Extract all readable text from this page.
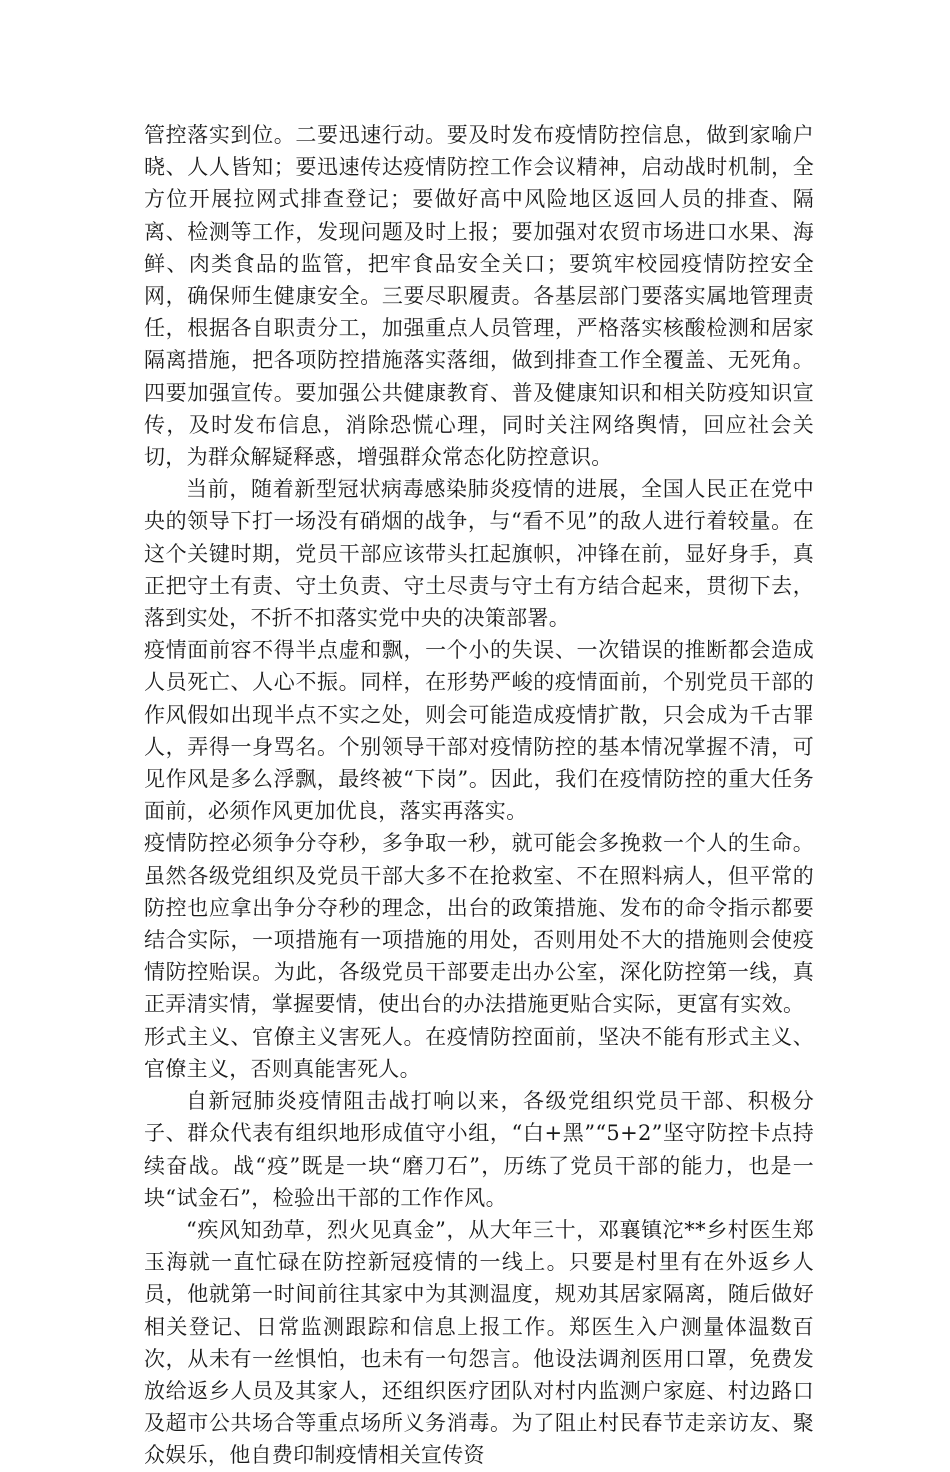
管控落实到位。二要迅速行动。要及时发布疫情防控信息，做到家喻户晓、人人皆知；要迅速传达疫情防控工作会议精神，启动战时机制，全方位开展拉网式排查登记；要做好高中风险地区返回人员的排查、隔离、检测等工作，发现问题及时上报；要加强对农贸市场进口水果、海鲜、肉类食品的监管，把牢食品安全关口；要筑牢校园疫情防控安全网，确保师生健康安全。三要尽职履责。各基层部门要落实属地管理责任，根据各自职责分工，加强重点人员管理，严格落实核酸检测和居家隔离措施，把各项防控措施落实落细，做到排查工作全覆盖、无死角。四要加强宣传。要加强公共健康教育、普及健康知识和相关防疫知识宣传，及时发布信息，消除恐慌心理，同时关注网络舆情，回应社会关切，为群众解疑释惑，增强群众常态化防控意识。

当前，随着新型冠状病毒感染肺炎疫情的进展，全国人民正在党中央的领导下打一场没有硝烟的战争，与“看不见”的敌人进行着较量。在这个关键时期，党员干部应该带头扛起旗帜，冲锋在前，显好身手，真正把守土有责、守土负责、守土尽责与守土有方结合起来，贯彻下去，落到实处，不折不扣落实党中央的决策部署。

疫情面前容不得半点虚和飘，一个小的失误、一次错误的推断都会造成人员死亡、人心不振。同样，在形势严峻的疫情面前，个别党员干部的作风假如出现半点不实之处，则会可能造成疫情扩散，只会成为千古罪人，弄得一身骂名。个别领导干部对疫情防控的基本情况掌握不清，可见作风是多么浮飘，最终被“下岗”。因此，我们在疫情防控的重大任务面前，必须作风更加优良，落实再落实。

疫情防控必须争分夺秒，多争取一秒，就可能会多挽救一个人的生命。虽然各级党组织及党员干部大多不在抢救室、不在照料病人，但平常的防控也应拿出争分夺秒的理念，出台的政策措施、发布的命令指示都要结合实际，一项措施有一项措施的用处，否则用处不大的措施则会使疫情防控贻误。为此，各级党员干部要走出办公室，深化防控第一线，真正弄清实情，掌握要情，使出台的办法措施更贴合实际，更富有实效。

形式主义、官僚主义害死人。在疫情防控面前，坚决不能有形式主义、官僚主义，否则真能害死人。

自新冠肺炎疫情阻击战打响以来，各级党组织党员干部、积极分子、群众代表有组织地形成值守小组，“白+黑”“5+2”坚守防控卡点持续奋战。战“疫”既是一块“磨刀石”，历练了党员干部的能力，也是一块“试金石”，检验出干部的工作作风。

“疾风知劲草，烈火见真金”，从大年三十，邓襄镇沱**乡村医生郑玉海就一直忙碌在防控新冠疫情的一线上。只要是村里有在外返乡人员，他就第一时间前往其家中为其测温度，规劝其居家隔离，随后做好相关登记、日常监测跟踪和信息上报工作。郑医生入户测量体温数百次，从未有一丝惧怕，也未有一句怨言。他设法调剂医用口罩，免费发放给返乡人员及其家人，还组织医疗团队对村内监测户家庭、村边路口及超市公共场合等重点场所义务消毒。为了阻止村民春节走亲访友、聚众娱乐，他自费印制疫情相关宣传资
